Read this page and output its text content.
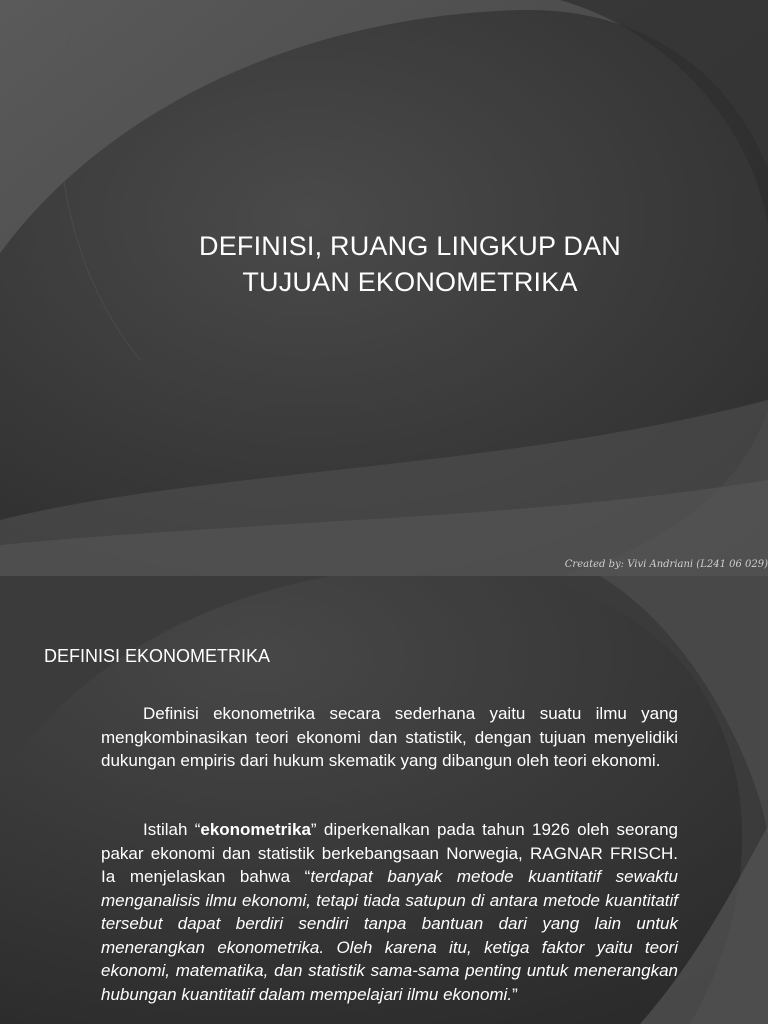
DEFINISI, RUANG LINGKUP DAN
TUJUAN EKONOMETRIKA
Created by: Vivi Andriani (L241 06 029)
DEFINISI EKONOMETRIKA
Definisi ekonometrika secara sederhana yaitu suatu ilmu yang mengkombinasikan teori ekonomi dan statistik, dengan tujuan menyelidiki dukungan empiris dari hukum skematik yang dibangun oleh teori ekonomi.
Istilah “ekonometrika” diperkenalkan pada tahun 1926 oleh seorang pakar ekonomi dan statistik berkebangsaan Norwegia, RAGNAR FRISCH. Ia menjelaskan bahwa “terdapat banyak metode kuantitatif sewaktu menganalisis ilmu ekonomi, tetapi tiada satupun di antara metode kuantitatif tersebut dapat berdiri sendiri tanpa bantuan dari yang lain untuk menerangkan ekonometrika. Oleh karena itu, ketiga faktor yaitu teori ekonomi, matematika, dan statistik sama-sama penting untuk menerangkan hubungan kuantitatif dalam mempelajari ilmu ekonomi.”
